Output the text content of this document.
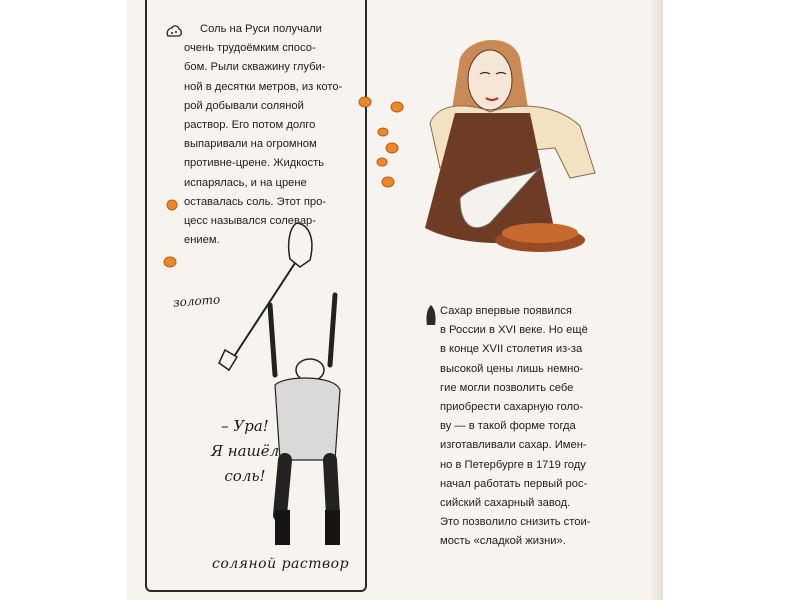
Соль на Руси получали
очень трудоёмким спосо-
бом. Рыли скважину глуби-
ной в десятки метров, из кото-
рой добывали соляной
раствор. Его потом долго
выпаривали на огромном
противне-црене. Жидкость
испарялась, и на црене
оставалась соль. Этот про-
цесс назывался солевар-
ением.

Сахар впервые появился
в России в XVI веке. Но ещё
в конце XVII столетия из-за
высокой цены лишь немно-
гие могли позволить себе
приобрести сахарную голо-
ву — в такой форме тогда
изготавливали сахар. Имен-
но в Петербурге в 1719 году
начал работать первый рос-
сийский сахарный завод.
Это позволило снизить стои-
мость «сладкой жизни».

золото
– Ура!
Я нашёл
соль!
соляной раствор
